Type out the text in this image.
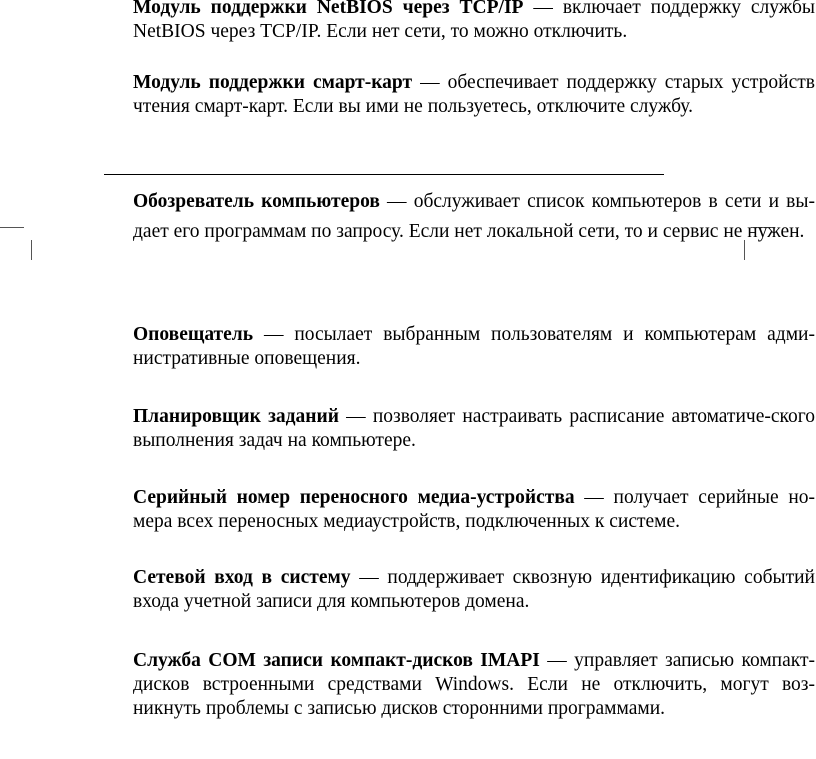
Модуль поддержки NetBIOS через TCP/IP — включает поддержку службы NetBIOS через TCP/IP. Если нет сети, то можно отключить.

Модуль поддержки смарт-карт — обеспечивает поддержку старых устройств чтения смарт-карт. Если вы ими не пользуетесь, отключите службу.

Обозреватель компьютеров — обслуживает список компьютеров в сети и вы-дает его программам по запросу. Если нет локальной сети, то и сервис не нужен.

Оповещатель — посылает выбранным пользователям и компьютерам адми-нистративные оповещения.

Планировщик заданий — позволяет настраивать расписание автоматиче-ского выполнения задач на компьютере.

Серийный номер переносного медиа-устройства — получает серийные но-мера всех переносных медиаустройств, подключенных к системе.

Сетевой вход в систему — поддерживает сквозную идентификацию событий входа учетной записи для компьютеров домена.

Служба COM записи компакт-дисков IMAPI — управляет записью компакт-дисков встроенными средствами Windows. Если не отключить, могут воз-никнуть проблемы с записью дисков сторонними программами.
